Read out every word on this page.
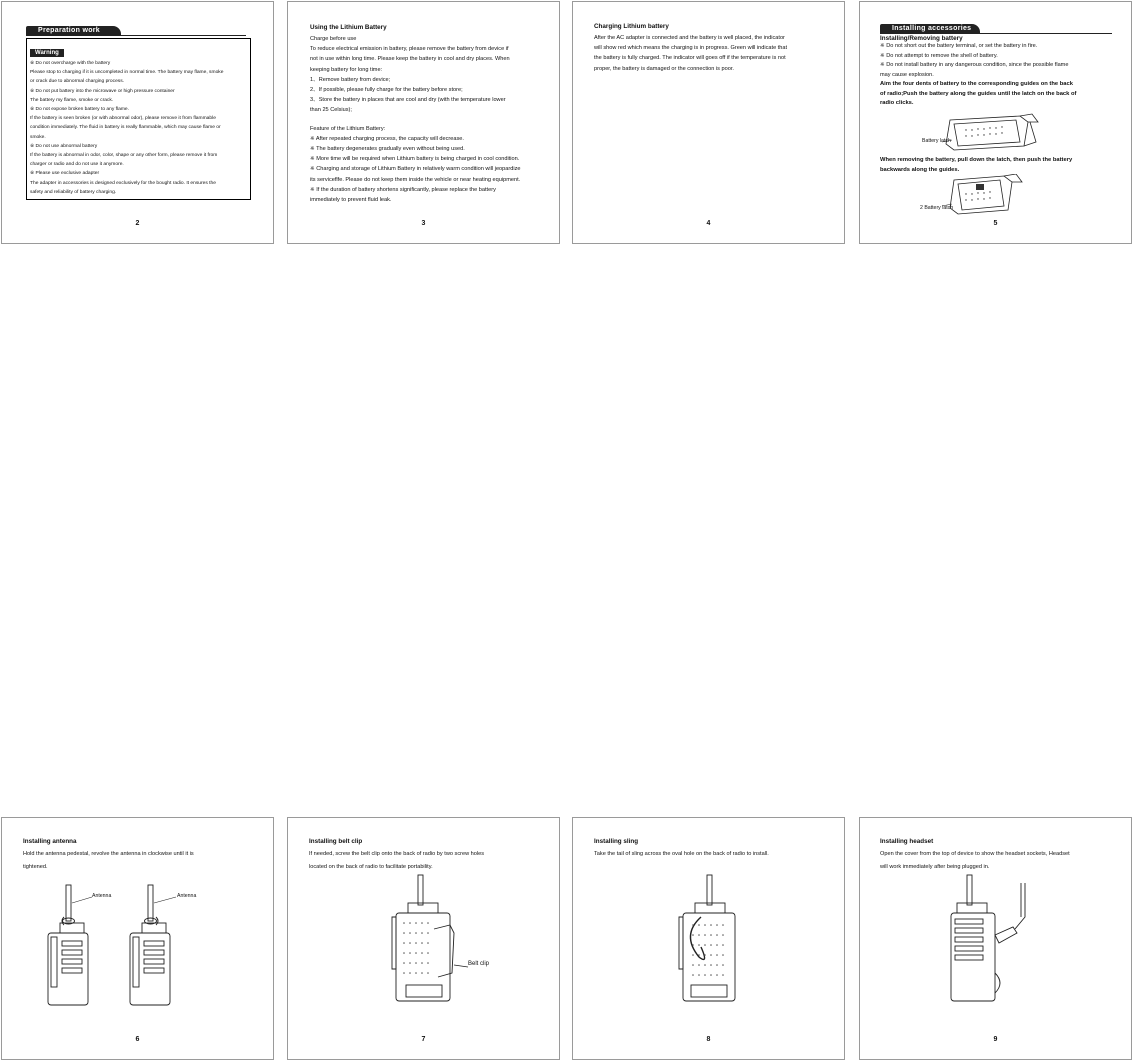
Preparation work
Warning

※ Do not overcharge with the battery

Please stop to charging if it is uncompleted in normal time. The battery may flame, smoke

or crack due to abnormal charging process.

※ Do not put battery into the microwave or high pressure container

The battery my flame, smoke or crack.

※ Do not expose broken battery to any flame.

If the battery is seen broken (or with abnormal odor), please remove it from flammable

condition immediately. The fluid in battery is really flammable, which may cause flame or

smoke.

※ Do not use abnormal battery

If the battery is abnormal in odor, color, shape or any other form, please remove it from

charger or radio and do not use it anymore.

※ Please use exclusive adapter

The adapter in accessories is designed exclusively for the bought radio. It ensures the

safety and reliability of battery charging.

2
Using the Lithium Battery

Charge before use

To reduce electrical emission in battery, please remove the battery from device if

not in use within long time. Please keep the battery in cool and dry places. When

keeping battery for long time:

1、Remove battery from device;

2、If possible, please fully charge for the battery before store;

3、Store the battery in places that are cool and dry (with the temperature lower

than 25 Celsius);

Feature of the Lithium Battery:

※ After repeated charging process, the capacity will decrease.

※ The battery degenerates gradually even without being used.

※ More time will be required when Lithium battery is being charged in cool condition.

※ Charging and storage of Lithium Battery in relatively warm condition will jeopardize

its serviceflfe. Please do not keep them inside the vehicle or near heating equipment.

※ If the duration of battery shortens significantly, please replace the battery

immediately to prevent fluid leak.

3
Charging Lithium battery

After the AC adapter is connected and the battery is well placed, the indicator

will show red which means the charging is in progress. Green will indicate that

the battery is fully charged. The indicator will goes off if the temperature is not

proper, the battery is damaged or the connection is poor.

4
Installing accessories
Installing/Removing battery

※ Do not short out the battery terminal, or set the battery in fire.

※ Do not attempt to remove the shell of battery.

※ Do not install battery in any dangerous condition, since the possible flame

may cause explosion.

Aim the four dents of battery to the corresponding guides on the back

of radio;Push the battery along the guides until the latch on the back of

radio clicks.

Battery latch

When removing the battery, pull down the latch, then push the battery

backwards along the guides.

2 Battery latch
5
Installing antenna

Hold the antenna pedestal, revolve the antenna in clockwise until it is

tightened.

Antenna	Antenna
6
Installing belt clip

If needed, screw the belt clip onto the back of radio by two screw holes

located on the back of radio to facilitate portability.

Belt clip
7
Installing sling

Take the tail of sling across the oval hole on the back of radio to install.

8
Installing headset

Open the cover from the top of device to show the headset sockets, Headset

will work immediately after being plugged in.

9
